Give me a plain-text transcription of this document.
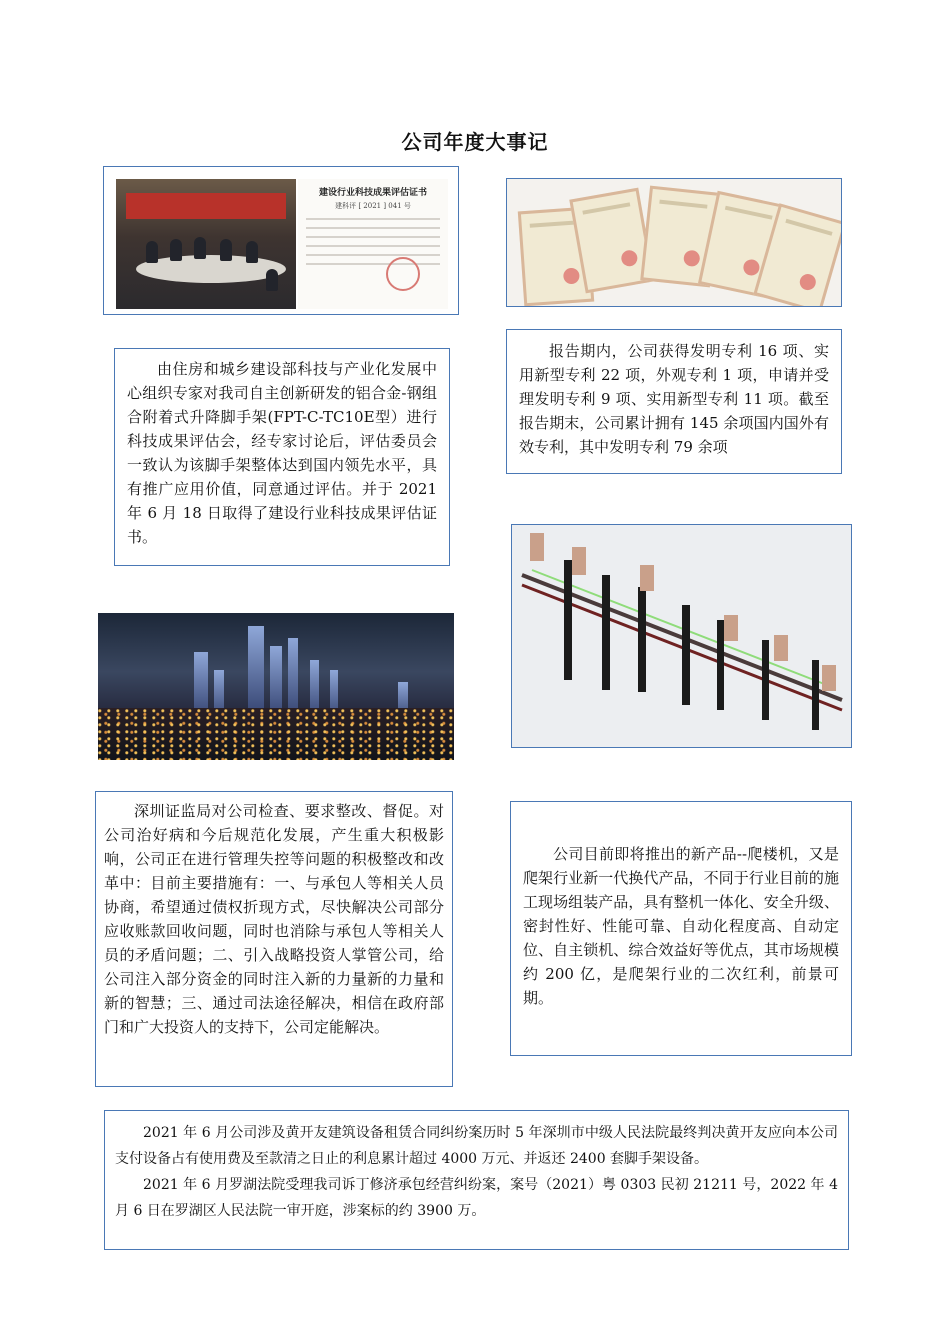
公司年度大事记
建设行业科技成果评估证书
建科评 [ 2021 ] 041 号

报告期内，公司获得发明专利 16 项、实用新型专利 22 项，外观专利 1 项，申请并受理发明专利 9 项、实用新型专利 11 项。截至报告期末，公司累计拥有 145 余项国内国外有效专利，其中发明专利 79 余项

由住房和城乡建设部科技与产业化发展中心组织专家对我司自主创新研发的铝合金-钢组合附着式升降脚手架(FPT-C-TC10E型）进行科技成果评估会，经专家讨论后，评估委员会一致认为该脚手架整体达到国内领先水平，具有推广应用价值，同意通过评估。并于 2021 年 6 月 18 日取得了建设行业科技成果评估证书。

深圳证监局对公司检查、要求整改、督促。对公司治好病和今后规范化发展，产生重大积极影响，公司正在进行管理失控等问题的积极整改和改革中：目前主要措施有：一、与承包人等相关人员协商，希望通过债权折现方式，尽快解决公司部分应收账款回收问题，同时也消除与承包人等相关人员的矛盾问题；二、引入战略投资人掌管公司，给公司注入部分资金的同时注入新的力量新的力量和新的智慧；三、通过司法途径解决，相信在政府部门和广大投资人的支持下，公司定能解决。

公司目前即将推出的新产品--爬楼机，又是爬架行业新一代换代产品，不同于行业目前的施工现场组装产品，具有整机一体化、安全升级、密封性好、性能可靠、自动化程度高、自动定位、自主锁机、综合效益好等优点，其市场规模约 200 亿，是爬架行业的二次红利，前景可期。

2021 年 6 月公司涉及黄开友建筑设备租赁合同纠纷案历时 5 年深圳市中级人民法院最终判决黄开友应向本公司支付设备占有使用费及至款清之日止的利息累计超过 4000 万元、并返还 2400 套脚手架设备。

2021 年 6 月罗湖法院受理我司诉丁修济承包经营纠纷案，案号（2021）粤 0303 民初 21211 号，2022 年 4 月 6 日在罗湖区人民法院一审开庭，涉案标的约 3900 万。
